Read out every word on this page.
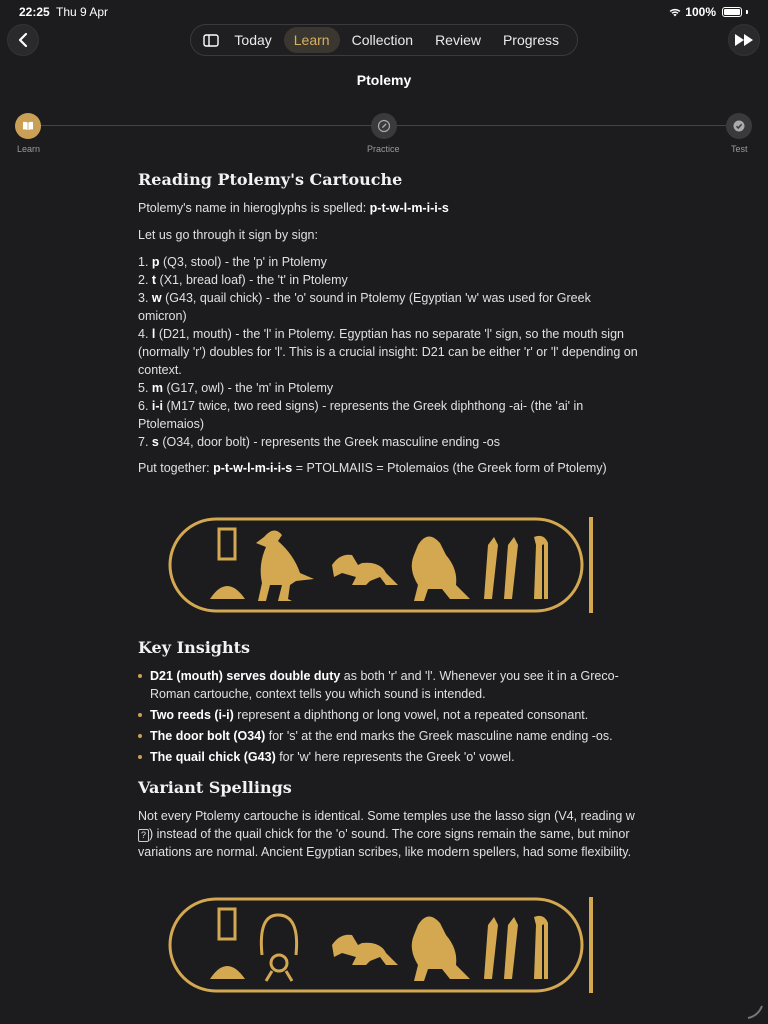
22:25 Thu 9 Apr	100%
Today	Learn	Collection	Review	Progress
Ptolemy
Learn	Practice	Test
Reading Ptolemy's Cartouche

Ptolemy's name in hieroglyphs is spelled: p-t-w-l-m-i-i-s

Let us go through it sign by sign:

1. p (Q3, stool) - the 'p' in Ptolemy

2. t (X1, bread loaf) - the 't' in Ptolemy

3. w (G43, quail chick) - the 'o' sound in Ptolemy (Egyptian 'w' was used for Greek omicron)

4. l (D21, mouth) - the 'l' in Ptolemy. Egyptian has no separate 'l' sign, so the mouth sign (normally 'r') doubles for 'l'. This is a crucial insight: D21 can be either 'r' or 'l' depending on context.

5. m (G17, owl) - the 'm' in Ptolemy

6. i-i (M17 twice, two reed signs) - represents the Greek diphthong -ai- (the 'ai' in Ptolemaios)

7. s (O34, door bolt) - represents the Greek masculine ending -os

Put together: p-t-w-l-m-i-i-s = PTOLMAIIS = Ptolemaios (the Greek form of Ptolemy)

Key Insights
D21 (mouth) serves double duty as both 'r' and 'l'. Whenever you see it in a Greco-Roman cartouche, context tells you which sound is intended.
Two reeds (i-i) represent a diphthong or long vowel, not a repeated consonant.
The door bolt (O34) for 's' at the end marks the Greek masculine name ending -os.
The quail chick (G43) for 'w' here represents the Greek 'o' vowel.
Variant Spellings

Not every Ptolemy cartouche is identical. Some temples use the lasso sign (V4, reading w? ) instead of the quail chick for the 'o' sound. The core signs remain the same, but minor variations are normal. Ancient Egyptian scribes, like modern spellers, had some flexibility.
